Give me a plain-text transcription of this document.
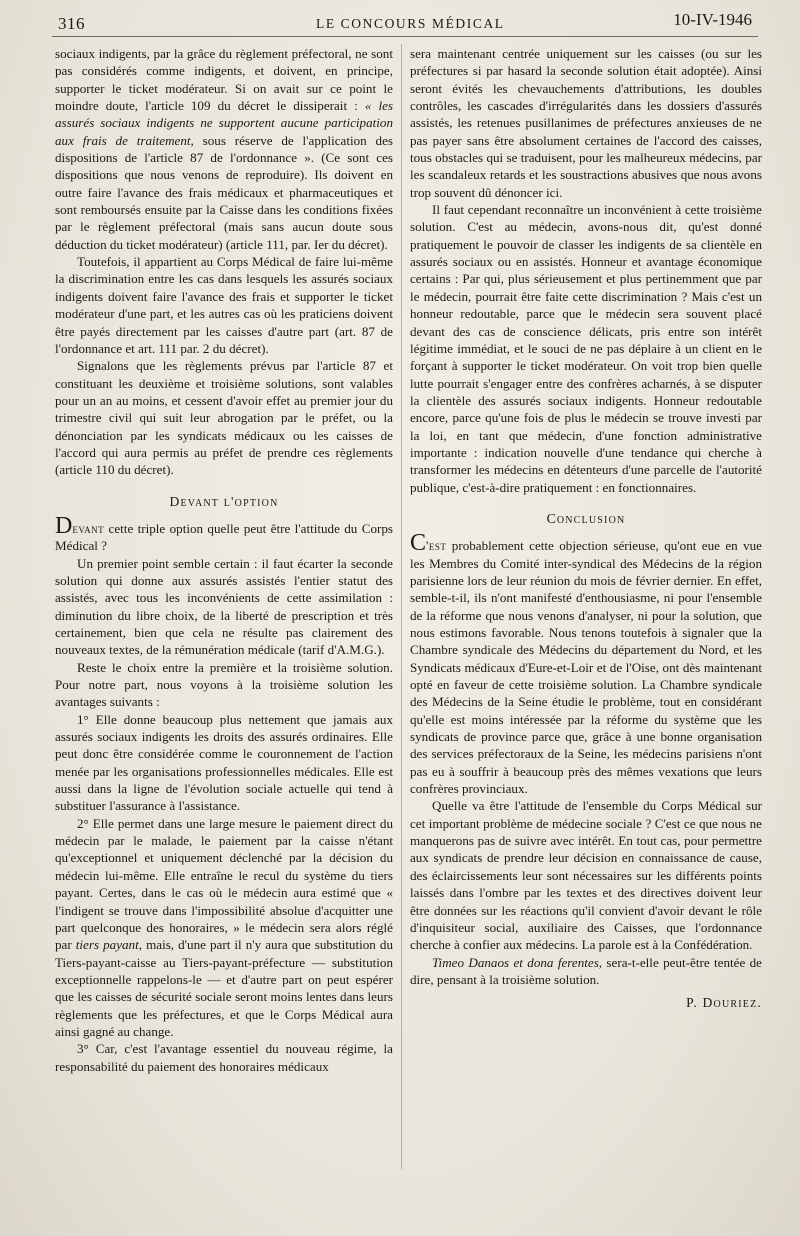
316	LE CONCOURS MÉDICAL	10-IV-1946

sociaux indigents, par la grâce du règlement préfectoral, ne sont pas considérés comme indigents, et doivent, en principe, supporter le ticket modérateur. Si on avait sur ce point le moindre doute, l'article 109 du décret le dissiperait : « les assurés sociaux indigents ne supportent aucune participation aux frais de traitement, sous réserve de l'application des dispositions de l'article 87 de l'ordonnance ». (Ce sont ces dispositions que nous venons de reproduire). Ils doivent en outre faire l'avance des frais médicaux et pharmaceutiques et sont remboursés ensuite par la Caisse dans les conditions fixées par le règlement préfectoral (mais sans aucun doute sous déduction du ticket modérateur) (article 111, par. Ier du décret).

Toutefois, il appartient au Corps Médical de faire lui-même la discrimination entre les cas dans lesquels les assurés sociaux indigents doivent faire l'avance des frais et supporter le ticket modérateur d'une part, et les autres cas où les praticiens doivent être payés directement par les caisses d'autre part (art. 87 de l'ordonnance et art. 111 par. 2 du décret).

Signalons que les règlements prévus par l'article 87 et constituant les deuxième et troisième solutions, sont valables pour un an au moins, et cessent d'avoir effet au premier jour du trimestre civil qui suit leur abrogation par le préfet, ou la dénonciation par les syndicats médicaux ou les caisses de l'accord qui aura permis au préfet de prendre ces règlements (article 110 du décret).

Devant l'option

Devant cette triple option quelle peut être l'attitude du Corps Médical ?

Un premier point semble certain : il faut écarter la seconde solution qui donne aux assurés assistés l'entier statut des assistés, avec tous les inconvénients de cette assimilation : diminution du libre choix, de la liberté de prescription et très certainement, bien que cela ne résulte pas clairement des nouveaux textes, de la rémunération médicale (tarif d'A.M.G.).

Reste le choix entre la première et la troisième solution. Pour notre part, nous voyons à la troisième solution les avantages suivants :

1° Elle donne beaucoup plus nettement que jamais aux assurés sociaux indigents les droits des assurés ordinaires. Elle peut donc être considérée comme le couronnement de l'action menée par les organisations professionnelles médicales. Elle est aussi dans la ligne de l'évolution sociale actuelle qui tend à substituer l'assurance à l'assistance.

2° Elle permet dans une large mesure le paiement direct du médecin par le malade, le paiement par la caisse n'étant qu'exceptionnel et uniquement déclenché par la décision du médecin lui-même. Elle entraîne le recul du système du tiers payant. Certes, dans le cas où le médecin aura estimé que « l'indigent se trouve dans l'impossibilité absolue d'acquitter une part quelconque des honoraires, » le médecin sera alors réglé par tiers payant, mais, d'une part il n'y aura que substitution du Tiers-payant-caisse au Tiers-payant-préfecture — substitution exceptionnelle rappelons-le — et d'autre part on peut espérer que les caisses de sécurité sociale seront moins lentes dans leurs règlements que les préfectures, et que le Corps Médical aura ainsi gagné au change.

3° Car, c'est l'avantage essentiel du nouveau régime, la responsabilité du paiement des honoraires médicaux

sera maintenant centrée uniquement sur les caisses (ou sur les préfectures si par hasard la seconde solution était adoptée). Ainsi seront évités les chevauchements d'attributions, les doubles contrôles, les cascades d'irrégularités dans les dossiers d'assurés assistés, les retenues pusillanimes de préfectures anxieuses de ne pas payer sans être absolument certaines de l'accord des caisses, tous obstacles qui se traduisent, pour les malheureux médecins, par les scandaleux retards et les soustractions abusives que nous avons trop souvent dû dénoncer ici.

Il faut cependant reconnaître un inconvénient à cette troisième solution. C'est au médecin, avons-nous dit, qu'est donné pratiquement le pouvoir de classer les indigents de sa clientèle en assurés sociaux ou en assistés. Honneur et avantage économique certains : Par qui, plus sérieusement et plus pertinemment que par le médecin, pourrait être faite cette discrimination ? Mais c'est un honneur redoutable, parce que le médecin sera souvent placé devant des cas de conscience délicats, pris entre son intérêt légitime immédiat, et le souci de ne pas déplaire à un client en le forçant à supporter le ticket modérateur. On voit trop bien quelle lutte pourrait s'engager entre des confrères acharnés, à se disputer la clientèle des assurés sociaux indigents. Honneur redoutable encore, parce qu'une fois de plus le médecin se trouve investi par la loi, en tant que médecin, d'une fonction administrative importante : indication nouvelle d'une tendance qui cherche à transformer les médecins en détenteurs d'une parcelle de l'autorité publique, c'est-à-dire pratiquement : en fonctionnaires.

Conclusion

C'est probablement cette objection sérieuse, qu'ont eue en vue les Membres du Comité inter-syndical des Médecins de la région parisienne lors de leur réunion du mois de février dernier. En effet, semble-t-il, ils n'ont manifesté d'enthousiasme, ni pour l'ensemble de la réforme que nous venons d'analyser, ni pour la solution, que nous estimons favorable. Nous tenons toutefois à signaler que la Chambre syndicale des Médecins du département du Nord, et les Syndicats médicaux d'Eure-et-Loir et de l'Oise, ont dès maintenant opté en faveur de cette troisième solution. La Chambre syndicale des Médecins de la Seine étudie le problème, tout en considérant qu'elle est moins intéressée par la réforme du système que les syndicats de province parce que, grâce à une bonne organisation des services préfectoraux de la Seine, les médecins parisiens n'ont pas eu à souffrir à beaucoup près des mêmes vexations que leurs confrères provinciaux.

Quelle va être l'attitude de l'ensemble du Corps Médical sur cet important problème de médecine sociale ? C'est ce que nous ne manquerons pas de suivre avec intérêt. En tout cas, pour permettre aux syndicats de prendre leur décision en connaissance de cause, des éclaircissements leur sont nécessaires sur les différents points laissés dans l'ombre par les textes et des directives doivent leur être données sur les réactions qu'il convient d'avoir devant le rôle d'inquisiteur social, auxiliaire des Caisses, que l'ordonnance cherche à confier aux médecins. La parole est à la Confédération.

Timeo Danaos et dona ferentes, sera-t-elle peut-être tentée de dire, pensant à la troisième solution.

P. Douriez.
